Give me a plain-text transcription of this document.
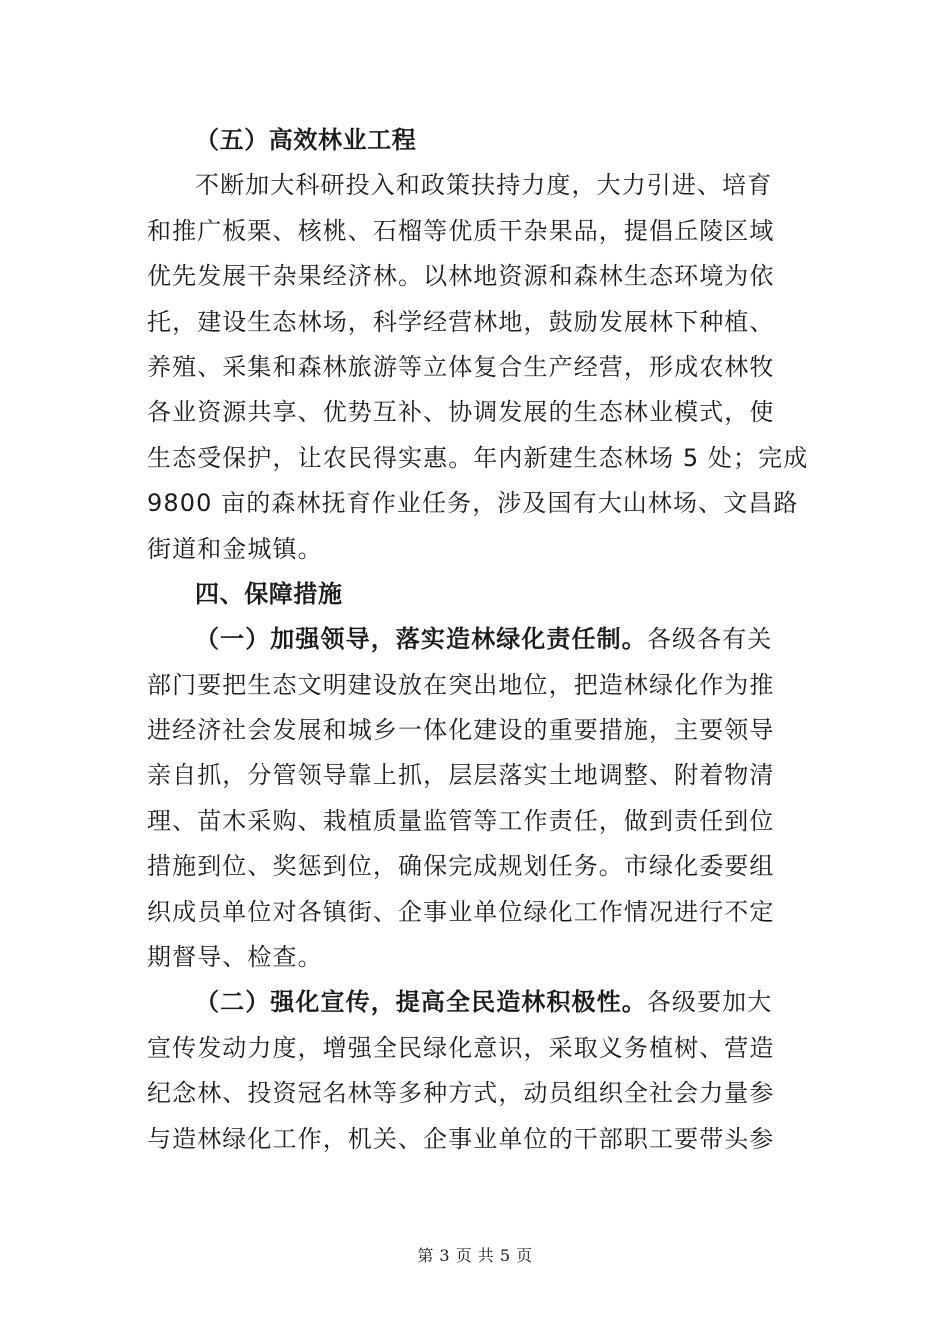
（五）高效林业工程
不断加大科研投入和政策扶持力度，大力引进、培育
和推广板栗、核桃、石榴等优质干杂果品，提倡丘陵区域
优先发展干杂果经济林。以林地资源和森林生态环境为依
托，建设生态林场，科学经营林地，鼓励发展林下种植、
养殖、采集和森林旅游等立体复合生产经营，形成农林牧
各业资源共享、优势互补、协调发展的生态林业模式，使
生态受保护，让农民得实惠。年内新建生态林场 5 处；完成
9800 亩的森林抚育作业任务，涉及国有大山林场、文昌路
街道和金城镇。
四、保障措施
（一）加强领导，落实造林绿化责任制。各级各有关
部门要把生态文明建设放在突出地位，把造林绿化作为推
进经济社会发展和城乡一体化建设的重要措施，主要领导
亲自抓，分管领导靠上抓，层层落实土地调整、附着物清
理、苗木采购、栽植质量监管等工作责任，做到责任到位
措施到位、奖惩到位，确保完成规划任务。市绿化委要组
织成员单位对各镇街、企事业单位绿化工作情况进行不定
期督导、检查。
（二）强化宣传，提高全民造林积极性。各级要加大
宣传发动力度，增强全民绿化意识，采取义务植树、营造
纪念林、投资冠名林等多种方式，动员组织全社会力量参
与造林绿化工作，机关、企事业单位的干部职工要带头参
第 3 页 共 5 页
